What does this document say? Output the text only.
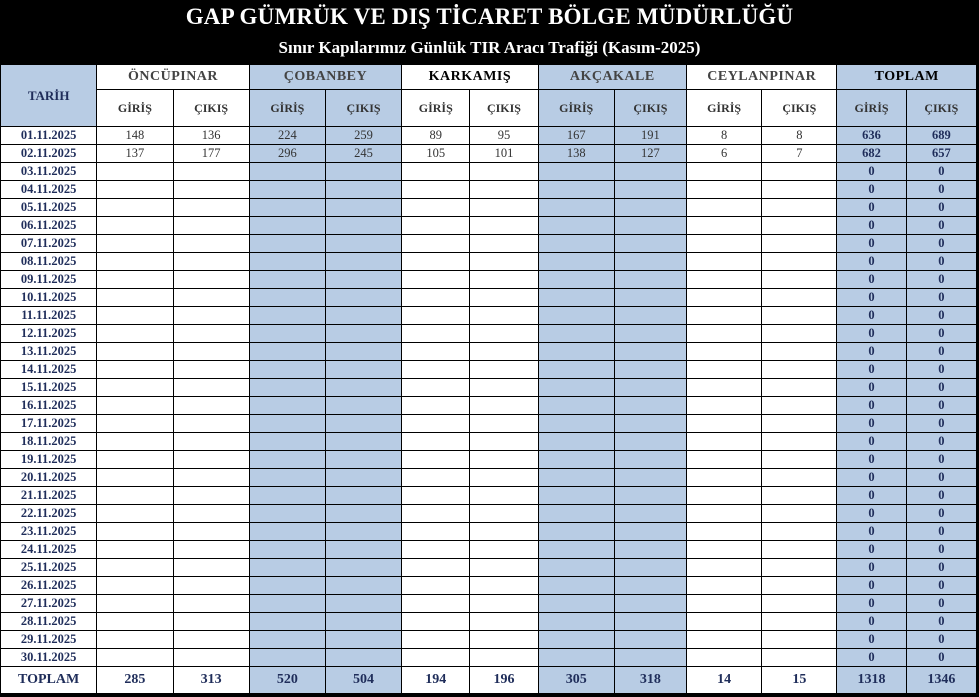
GAP GÜMRÜK VE DIŞ TİCARET BÖLGE MÜDÜRLÜĞÜ
Sınır Kapılarımız Günlük TIR Aracı Trafiği (Kasım-2025)
TARİH	ÖNCÜPINAR		ÇOBANBEY		KARKAMIŞ		AKÇAKALE		CEYLANPINAR		TOPLAM	
	GİRİŞ	ÇIKIŞ	GİRİŞ	ÇIKIŞ	GİRİŞ	ÇIKIŞ	GİRİŞ	ÇIKIŞ	GİRİŞ	ÇIKIŞ	GİRİŞ	ÇIKIŞ
01.11.2025	148	136	224	259	89	95	167	191	8	8	636	689
02.11.2025	137	177	296	245	105	101	138	127	6	7	682	657
03.11.2025											0	0
04.11.2025											0	0
05.11.2025											0	0
06.11.2025											0	0
07.11.2025											0	0
08.11.2025											0	0
09.11.2025											0	0
10.11.2025											0	0
11.11.2025											0	0
12.11.2025											0	0
13.11.2025											0	0
14.11.2025											0	0
15.11.2025											0	0
16.11.2025											0	0
17.11.2025											0	0
18.11.2025											0	0
19.11.2025											0	0
20.11.2025											0	0
21.11.2025											0	0
22.11.2025											0	0
23.11.2025											0	0
24.11.2025											0	0
25.11.2025											0	0
26.11.2025											0	0
27.11.2025											0	0
28.11.2025											0	0
29.11.2025											0	0
30.11.2025											0	0
TOPLAM	285	313	520	504	194	196	305	318	14	15	1318	1346
